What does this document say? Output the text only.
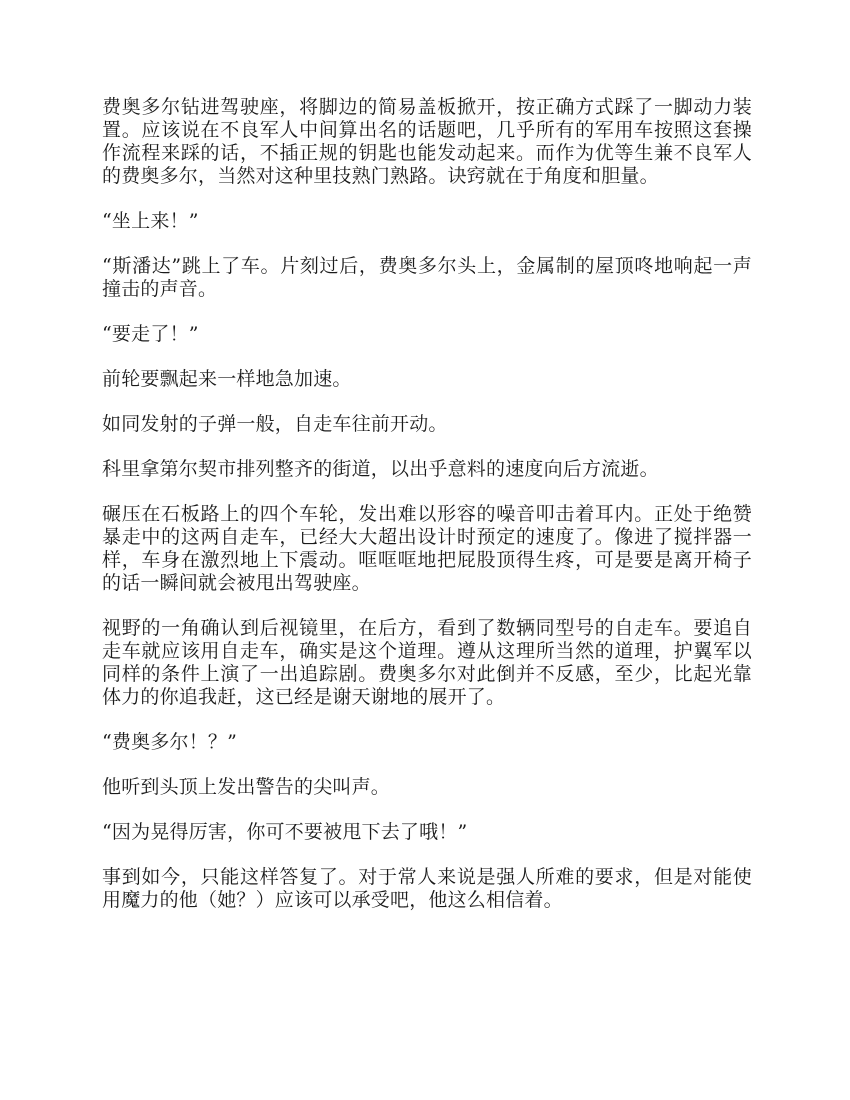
费奥多尔钻进驾驶座，将脚边的简易盖板掀开，按正确方式踩了一脚动力装置。应该说在不良军人中间算出名的话题吧，几乎所有的军用车按照这套操作流程来踩的话，不插正规的钥匙也能发动起来。而作为优等生兼不良军人的费奥多尔，当然对这种里技熟门熟路。诀窍就在于角度和胆量。

“坐上来！”

“斯潘达”跳上了车。片刻过后，费奥多尔头上，金属制的屋顶咚地响起一声撞击的声音。

“要走了！”

前轮要飘起来一样地急加速。

如同发射的子弹一般，自走车往前开动。

科里拿第尔契市排列整齐的街道，以出乎意料的速度向后方流逝。

碾压在石板路上的四个车轮，发出难以形容的噪音叩击着耳内。正处于绝赞暴走中的这两自走车，已经大大超出设计时预定的速度了。像进了搅拌器一样，车身在激烈地上下震动。哐哐哐地把屁股顶得生疼，可是要是离开椅子的话一瞬间就会被甩出驾驶座。

视野的一角确认到后视镜里，在后方，看到了数辆同型号的自走车。要追自走车就应该用自走车，确实是这个道理。遵从这理所当然的道理，护翼军以同样的条件上演了一出追踪剧。费奥多尔对此倒并不反感，至少，比起光靠体力的你追我赶，这已经是谢天谢地的展开了。

“费奥多尔！？”

他听到头顶上发出警告的尖叫声。

“因为晃得厉害，你可不要被甩下去了哦！”

事到如今，只能这样答复了。对于常人来说是强人所难的要求，但是对能使用魔力的他（她？）应该可以承受吧，他这么相信着。
